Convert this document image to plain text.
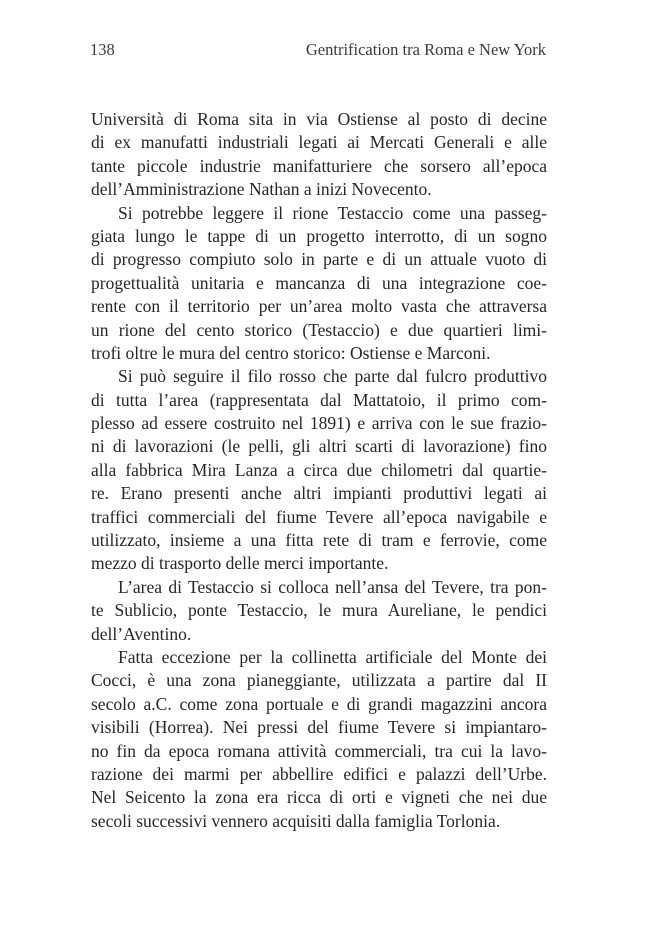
138	Gentrification tra Roma e New York

Università di Roma sita in via Ostiense al posto di decine
di ex manufatti industriali legati ai Mercati Generali e alle
tante piccole industrie manifatturiere che sorsero all’epoca
dell’Amministrazione Nathan a inizi Novecento.

Si potrebbe leggere il rione Testaccio come una passeg-
giata lungo le tappe di un progetto interrotto, di un sogno
di progresso compiuto solo in parte e di un attuale vuoto di
progettualità unitaria e mancanza di una integrazione coe-
rente con il territorio per un’area molto vasta che attraversa
un rione del cento storico (Testaccio) e due quartieri limi-
trofi oltre le mura del centro storico: Ostiense e Marconi.

Si può seguire il filo rosso che parte dal fulcro produttivo
di tutta l’area (rappresentata dal Mattatoio, il primo com-
plesso ad essere costruito nel 1891) e arriva con le sue frazio-
ni di lavorazioni (le pelli, gli altri scarti di lavorazione) fino
alla fabbrica Mira Lanza a circa due chilometri dal quartie-
re. Erano presenti anche altri impianti produttivi legati ai
traffici commerciali del fiume Tevere all’epoca navigabile e
utilizzato, insieme a una fitta rete di tram e ferrovie, come
mezzo di trasporto delle merci importante.

L’area di Testaccio si colloca nell’ansa del Tevere, tra pon-
te Sublicio, ponte Testaccio, le mura Aureliane, le pendici
dell’Aventino.

Fatta eccezione per la collinetta artificiale del Monte dei
Cocci, è una zona pianeggiante, utilizzata a partire dal II
secolo a.C. come zona portuale e di grandi magazzini ancora
visibili (Horrea). Nei pressi del fiume Tevere si impiantaro-
no fin da epoca romana attività commerciali, tra cui la lavo-
razione dei marmi per abbellire edifici e palazzi dell’Urbe.
Nel Seicento la zona era ricca di orti e vigneti che nei due
secoli successivi vennero acquisiti dalla famiglia Torlonia.
